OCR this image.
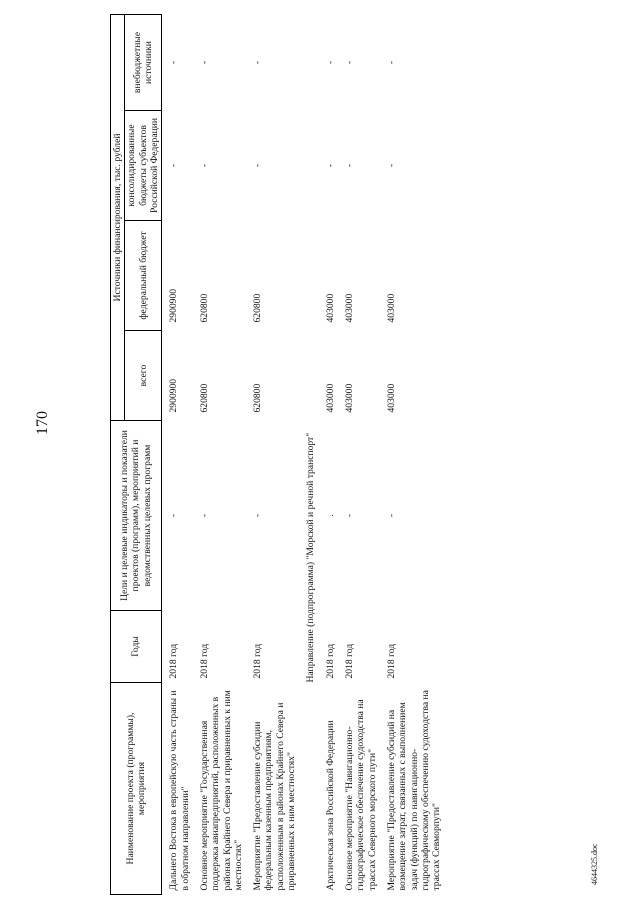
170
4644325.doc
Наименование проекта (программы), мероприятия	Годы	Цели и целевые индикаторы и показатели проектов (программ), мероприятий и ведомственных целевых программ	Источники финансирования, тыс. рублей			
			всего	федеральный бюджет	консолидированные бюджеты субъектов Российской Федерации	внебюджетные источники
Дальнего Востока в европейскую часть страны и в обратном направлении"	2018 год	-	2900900	2900900	-	-
Основное мероприятие "Государственная поддержка авиапредприятий, расположенных в районах Крайнего Севера и приравненных к ним местностях"	2018 год	-	620800	620800	-	-
Мероприятие "Предоставление субсидии федеральным казенным предприятиям, расположенным в районах Крайнего Севера и приравненных к ним местностях"	2018 год	-	620800	620800	-	-
	Направление (подпрограмма) "Морской и речной транспорт"					
Арктическая зона Российской Федерации	2018 год	.	403000	403000	-	-
Основное мероприятие "Навигационно-гидрографическое обеспечение судоходства на трассах Северного морского пути"	2018 год	-	403000	403000	-	-
Мероприятие "Предоставление субсидий на возмещение затрат, связанных с выполнением задач (функций) по навигационно-гидрографическому обеспечению судоходства на трассах Севморпути"	2018 год	-	403000	403000	-	-
